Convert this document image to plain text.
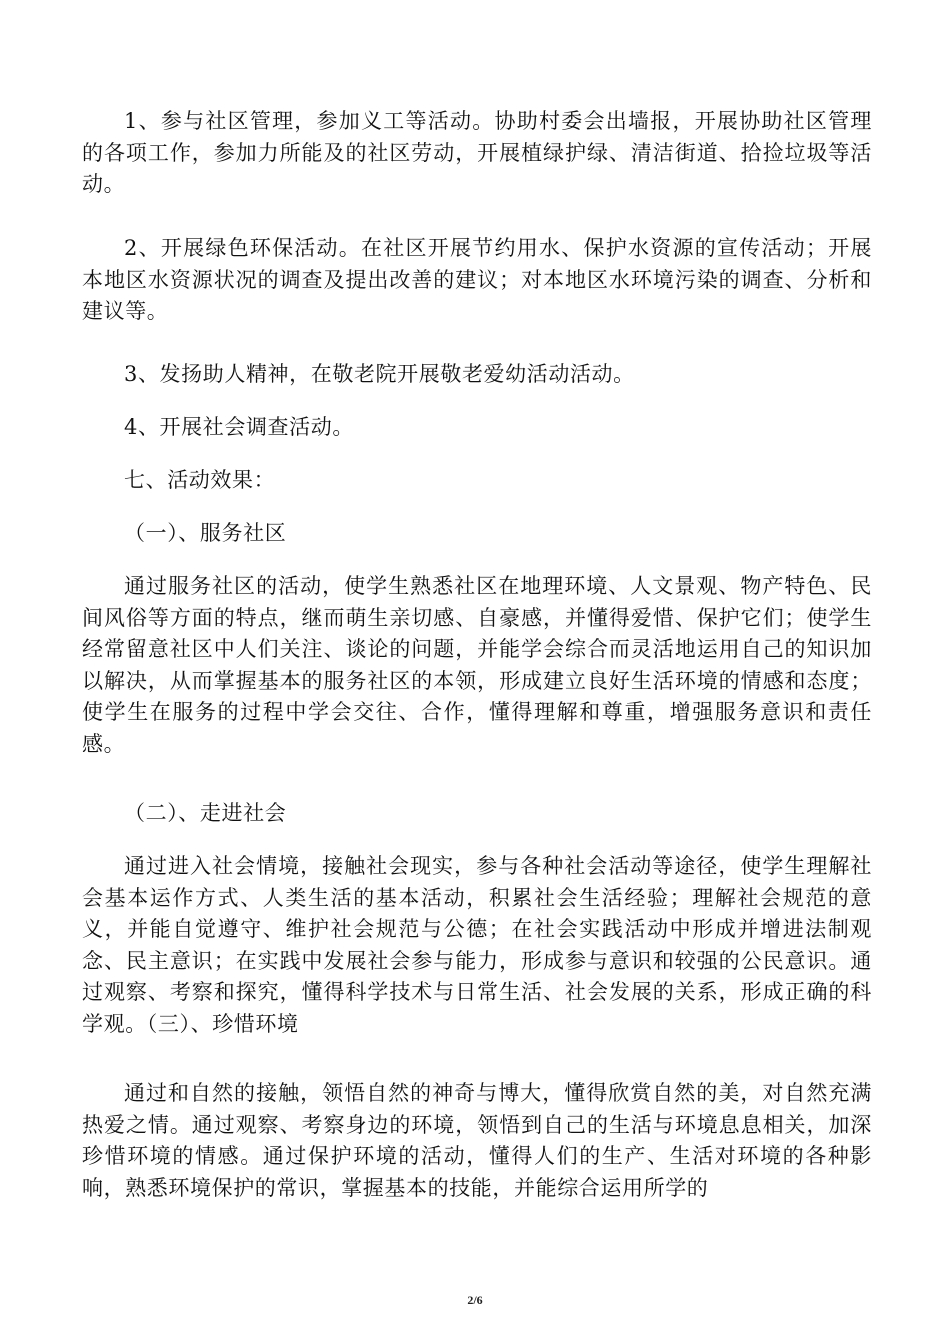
1、参与社区管理，参加义工等活动。协助村委会出墙报，开展协助社区管理的各项工作，参加力所能及的社区劳动，开展植绿护绿、清洁街道、拾捡垃圾等活动。

2、开展绿色环保活动。在社区开展节约用水、保护水资源的宣传活动；开展本地区水资源状况的调查及提出改善的建议；对本地区水环境污染的调查、分析和建议等。

3、发扬助人精神，在敬老院开展敬老爱幼活动活动。

4、开展社会调查活动。

七、活动效果：

（一）、服务社区

通过服务社区的活动，使学生熟悉社区在地理环境、人文景观、物产特色、民间风俗等方面的特点，继而萌生亲切感、自豪感，并懂得爱惜、保护它们；使学生经常留意社区中人们关注、谈论的问题，并能学会综合而灵活地运用自己的知识加以解决，从而掌握基本的服务社区的本领，形成建立良好生活环境的情感和态度；使学生在服务的过程中学会交往、合作，懂得理解和尊重，增强服务意识和责任感。

（二）、走进社会

通过进入社会情境，接触社会现实，参与各种社会活动等途径，使学生理解社会基本运作方式、人类生活的基本活动，积累社会生活经验；理解社会规范的意义，并能自觉遵守、维护社会规范与公德；在社会实践活动中形成并增进法制观念、民主意识；在实践中发展社会参与能力，形成参与意识和较强的公民意识。通过观察、考察和探究，懂得科学技术与日常生活、社会发展的关系，形成正确的科学观。（三）、珍惜环境

通过和自然的接触，领悟自然的神奇与博大，懂得欣赏自然的美，对自然充满热爱之情。通过观察、考察身边的环境，领悟到自己的生活与环境息息相关，加深珍惜环境的情感。通过保护环境的活动，懂得人们的生产、生活对环境的各种影响，熟悉环境保护的常识，掌握基本的技能，并能综合运用所学的

2/6
